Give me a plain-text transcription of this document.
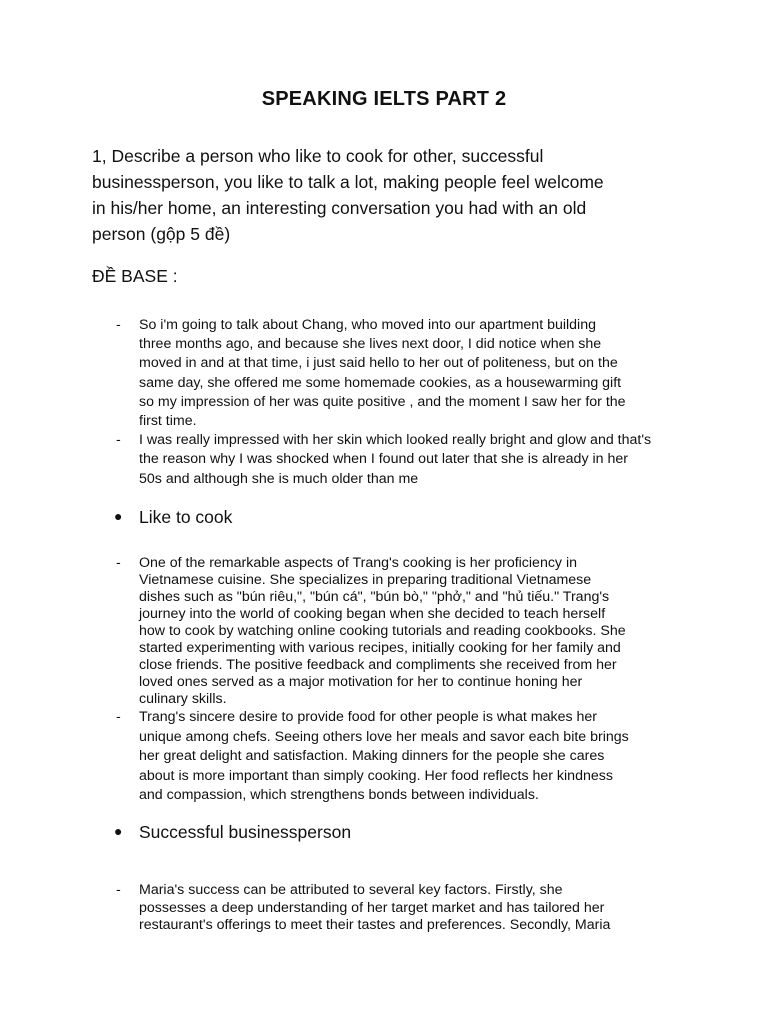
SPEAKING IELTS PART 2
1, Describe a person who like to cook for other, successful
businessperson, you like to talk a lot, making people feel welcome
in his/her home, an interesting conversation you had with an old
person (gộp 5 đề)
ĐỀ BASE :
- So i'm going to talk about Chang, who moved into our apartment building
three months ago, and because she lives next door, I did notice when she
moved in and at that time, i just said hello to her out of politeness, but on the
same day, she offered me some homemade cookies, as a housewarming gift
so my impression of her was quite positive , and the moment I saw her for the
first time.
- I was really impressed with her skin which looked really bright and glow and that's
the reason why I was shocked when I found out later that she is already in her
50s and although she is much older than me
● Like to cook
- One of the remarkable aspects of Trang's cooking is her proficiency in
Vietnamese cuisine. She specializes in preparing traditional Vietnamese
dishes such as "bún riêu,", "bún cá", "bún bò," "phở," and "hủ tiếu." Trang's
journey into the world of cooking began when she decided to teach herself
how to cook by watching online cooking tutorials and reading cookbooks. She
started experimenting with various recipes, initially cooking for her family and
close friends. The positive feedback and compliments she received from her
loved ones served as a major motivation for her to continue honing her
culinary skills.
- Trang's sincere desire to provide food for other people is what makes her
unique among chefs. Seeing others love her meals and savor each bite brings
her great delight and satisfaction. Making dinners for the people she cares
about is more important than simply cooking. Her food reflects her kindness
and compassion, which strengthens bonds between individuals.
● Successful businessperson
- Maria's success can be attributed to several key factors. Firstly, she
possesses a deep understanding of her target market and has tailored her
restaurant's offerings to meet their tastes and preferences. Secondly, Maria
